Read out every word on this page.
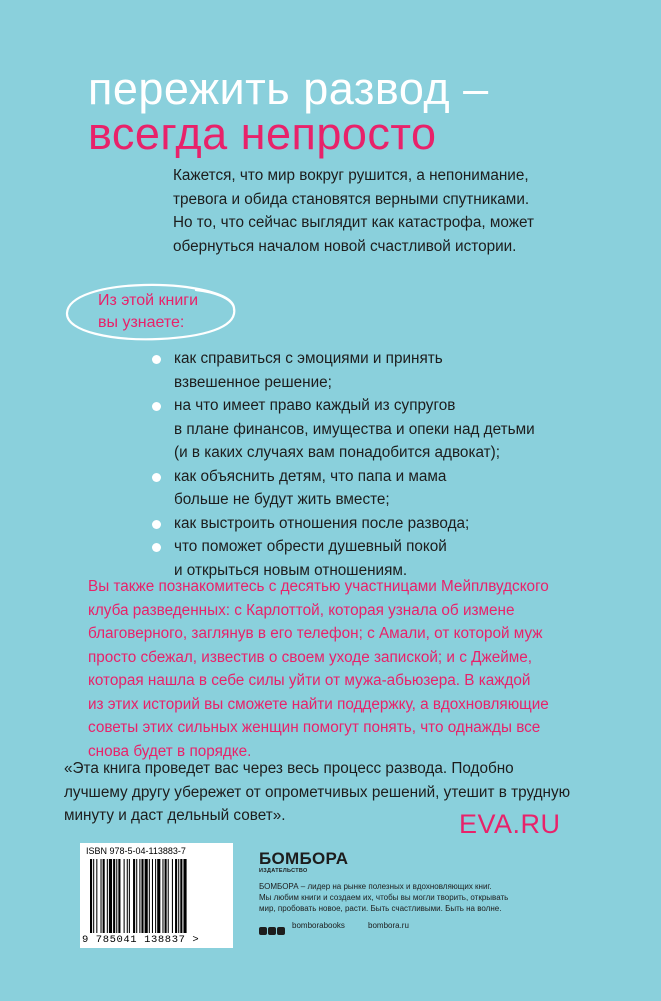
пережить развод –
всегда непросто
Кажется, что мир вокруг рушится, а непонимание,
тревога и обида становятся верными спутниками.
Но то, что сейчас выглядит как катастрофа, может
обернуться началом новой счастливой истории.
Из этой книги
вы узнаете:
как справиться с эмоциями и принять
взвешенное решение;
на что имеет право каждый из супругов
в плане финансов, имущества и опеки над детьми
(и в каких случаях вам понадобится адвокат);
как объяснить детям, что папа и мама
больше не будут жить вместе;
как выстроить отношения после развода;
что поможет обрести душевный покой
и открыться новым отношениям.
Вы также познакомитесь с десятью участницами Мейплвудского
клуба разведенных: с Карлоттой, которая узнала об измене
благоверного, заглянув в его телефон; с Амали, от которой муж
просто сбежал, известив о своем уходе запиской; и с Джейме,
которая нашла в себе силы уйти от мужа-абьюзера. В каждой
из этих историй вы сможете найти поддержку, а вдохновляющие
советы этих сильных женщин помогут понять, что однажды все
снова будет в порядке.
«Эта книга проведет вас через весь процесс развода. Подобно
лучшему другу убережет от опрометчивых решений, утешит в трудную
минуту и даст дельный совет».	EVA.RU
ISBN 978-5-04-113883-7
9 785041 138837 >
БОМБОРА
ИЗДАТЕЛЬСТВО
БОМБОРА – лидер на рынке полезных и вдохновляющих книг.
Мы любим книги и создаем их, чтобы вы могли творить, открывать
мир, пробовать новое, расти. Быть счастливыми. Быть на волне.
bomborabooks	bombora.ru
